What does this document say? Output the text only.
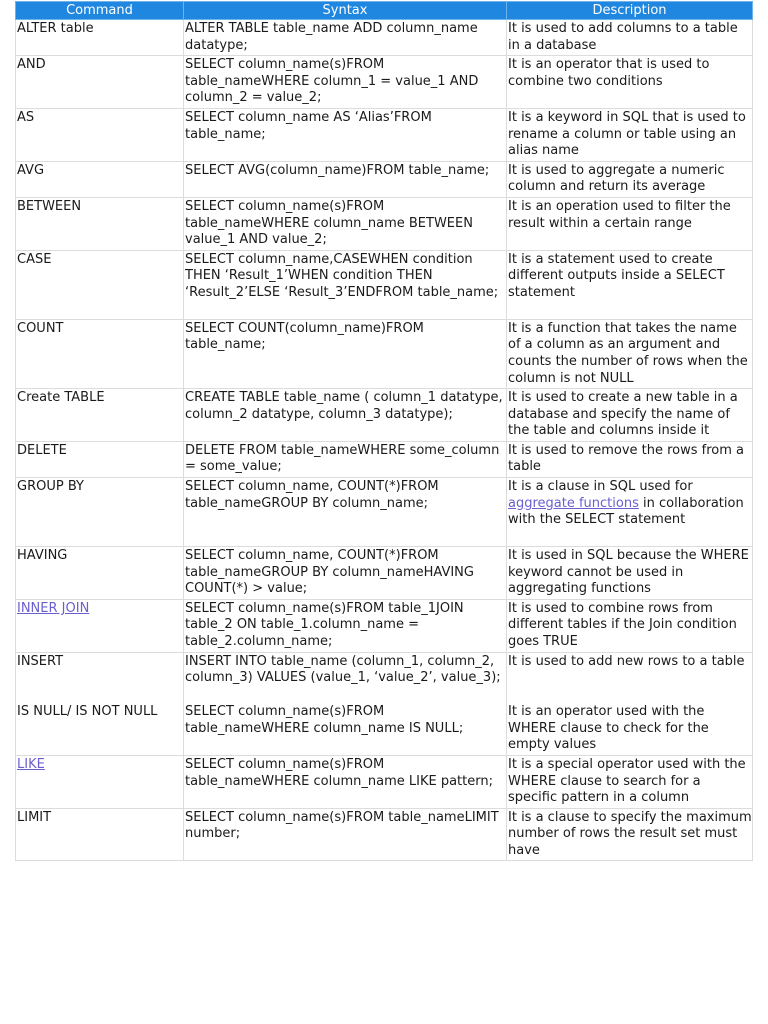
Command	Syntax	Description
ALTER table	ALTER TABLE table_name ADD column_name datatype;	It is used to add columns to a table in a database
AND	SELECT column_name(s)FROM table_nameWHERE column_1 = value_1 AND column_2 = value_2;	It is an operator that is used to combine two conditions
AS	SELECT column_name AS ‘Alias’FROM table_name;	It is a keyword in SQL that is used to rename a column or table using an alias name
AVG	SELECT AVG(column_name)FROM table_name;	It is used to aggregate a numeric column and return its average
BETWEEN	SELECT column_name(s)FROM table_nameWHERE column_name BETWEEN value_1 AND value_2;	It is an operation used to filter the result within a certain range
CASE	SELECT column_name,CASEWHEN condition THEN ‘Result_1’WHEN condition THEN ‘Result_2’ELSE ‘Result_3’ENDFROM table_name;	It is a statement used to create different outputs inside a SELECT statement
COUNT	SELECT COUNT(column_name)FROM table_name;	It is a function that takes the name of a column as an argument and counts the number of rows when the column is not NULL
Create TABLE	CREATE TABLE table_name ( column_1 datatype, column_2 datatype, column_3 datatype);	It is used to create a new table in a database and specify the name of the table and columns inside it
DELETE	DELETE FROM table_nameWHERE some_column = some_value;	It is used to remove the rows from a table
GROUP BY	SELECT column_name, COUNT(*)FROM table_nameGROUP BY column_name;	It is a clause in SQL used for aggregate functions in collaboration with the SELECT statement
HAVING	SELECT column_name, COUNT(*)FROM table_nameGROUP BY column_nameHAVING COUNT(*) > value;	It is used in SQL because the WHERE keyword cannot be used in aggregating functions
INNER JOIN	SELECT column_name(s)FROM table_1JOIN table_2 ON table_1.column_name = table_2.column_name;	It is used to combine rows from different tables if the Join condition goes TRUE
INSERT	INSERT INTO table_name (column_1, column_2, column_3) VALUES (value_1, ‘value_2’, value_3);	It is used to add new rows to a table
IS NULL/ IS NOT NULL	SELECT column_name(s)FROM table_nameWHERE column_name IS NULL;	It is an operator used with the WHERE clause to check for the empty values
LIKE	SELECT column_name(s)FROM table_nameWHERE column_name LIKE pattern;	It is a special operator used with the WHERE clause to search for a specific pattern in a column
LIMIT	SELECT column_name(s)FROM table_nameLIMIT number;	It is a clause to specify the maximum number of rows the result set must have
